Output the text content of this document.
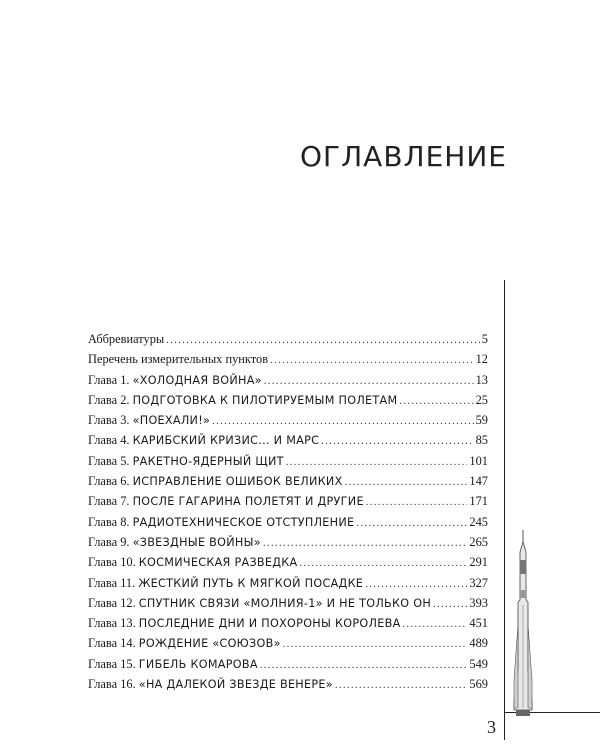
ОГЛАВЛЕНИЕ
Аббревиатуры .....	5
Перечень измерительных пунктов .....	12
Глава 1. «ХОЛОДНАЯ ВОЙНА» .....	13
Глава 2. ПОДГОТОВКА К ПИЛОТИРУЕМЫМ ПОЛЕТАМ .....	25
Глава 3. «ПОЕХАЛИ!» .....	59
Глава 4. КАРИБСКИЙ КРИЗИС... И МАРС .....	85
Глава 5. РАКЕТНО-ЯДЕРНЫЙ ЩИТ .....	101
Глава 6. ИСПРАВЛЕНИЕ ОШИБОК ВЕЛИКИХ .....	147
Глава 7. ПОСЛЕ ГАГАРИНА ПОЛЕТЯТ И ДРУГИЕ .....	171
Глава 8. РАДИОТЕХНИЧЕСКОЕ ОТСТУПЛЕНИЕ .....	245
Глава 9. «ЗВЕЗДНЫЕ ВОЙНЫ» .....	265
Глава 10. КОСМИЧЕСКАЯ РАЗВЕДКА .....	291
Глава 11. ЖЕСТКИЙ ПУТЬ К МЯГКОЙ ПОСАДКЕ .....	327
Глава 12. СПУТНИК СВЯЗИ «МОЛНИЯ-1» И НЕ ТОЛЬКО ОН .....	393
Глава 13. ПОСЛЕДНИЕ ДНИ И ПОХОРОНЫ КОРОЛЕВА .....	451
Глава 14. РОЖДЕНИЕ «СОЮЗОВ» .....	489
Глава 15. ГИБЕЛЬ КОМАРОВА .....	549
Глава 16. «НА ДАЛЕКОЙ ЗВЕЗДЕ ВЕНЕРЕ» .....	569
3
